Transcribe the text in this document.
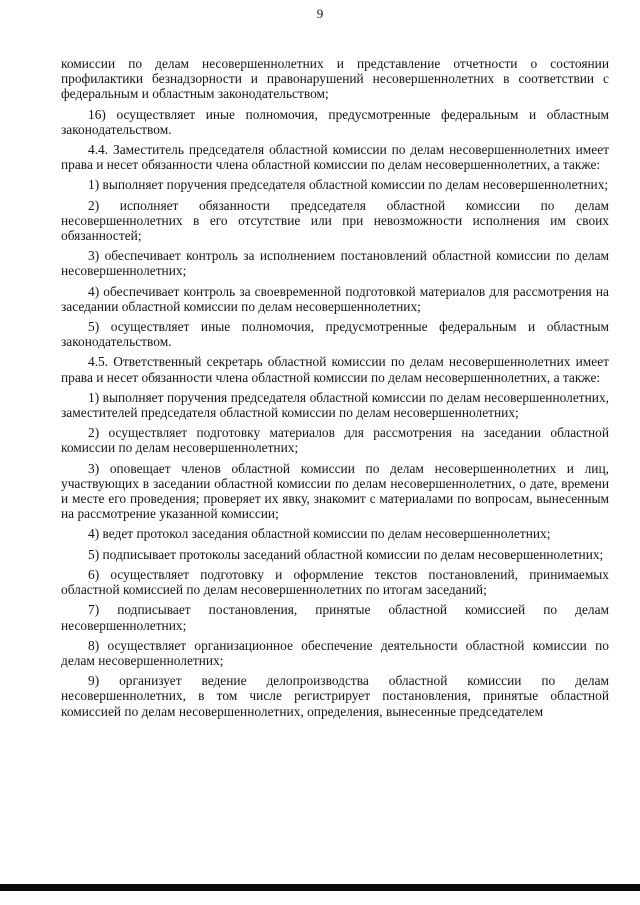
9

комиссии по делам несовершеннолетних и представление отчетности о состоянии профилактики безнадзорности и правонарушений несовершеннолетних в соответствии с федеральным и областным законодательством;

16) осуществляет иные полномочия, предусмотренные федеральным и областным законодательством.

4.4. Заместитель председателя областной комиссии по делам несовершеннолетних имеет права и несет обязанности члена областной комиссии по делам несовершеннолетних, а также:

1) выполняет поручения председателя областной комиссии по делам несовершеннолетних;

2) исполняет обязанности председателя областной комиссии по делам несовершеннолетних в его отсутствие или при невозможности исполнения им своих обязанностей;

3) обеспечивает контроль за исполнением постановлений областной комиссии по делам несовершеннолетних;

4) обеспечивает контроль за своевременной подготовкой материалов для рассмотрения на заседании областной комиссии по делам несовершеннолетних;

5) осуществляет иные полномочия, предусмотренные федеральным и областным законодательством.

4.5. Ответственный секретарь областной комиссии по делам несовершеннолетних имеет права и несет обязанности члена областной комиссии по делам несовершеннолетних, а также:

1) выполняет поручения председателя областной комиссии по делам несовершеннолетних, заместителей председателя областной комиссии по делам несовершеннолетних;

2) осуществляет подготовку материалов для рассмотрения на заседании областной комиссии по делам несовершеннолетних;

3) оповещает членов областной комиссии по делам несовершеннолетних и лиц, участвующих в заседании областной комиссии по делам несовершеннолетних, о дате, времени и месте его проведения; проверяет их явку, знакомит с материалами по вопросам, вынесенным на рассмотрение указанной комиссии;

4) ведет протокол заседания областной комиссии по делам несовершеннолетних;

5) подписывает протоколы заседаний областной комиссии по делам несовершеннолетних;

6) осуществляет подготовку и оформление текстов постановлений, принимаемых областной комиссией по делам несовершеннолетних по итогам заседаний;

7) подписывает постановления, принятые областной комиссией по делам несовершеннолетних;

8) осуществляет организационное обеспечение деятельности областной комиссии по делам несовершеннолетних;

9) организует ведение делопроизводства областной комиссии по делам несовершеннолетних, в том числе регистрирует постановления, принятые областной комиссией по делам несовершеннолетних, определения, вынесенные председателем
